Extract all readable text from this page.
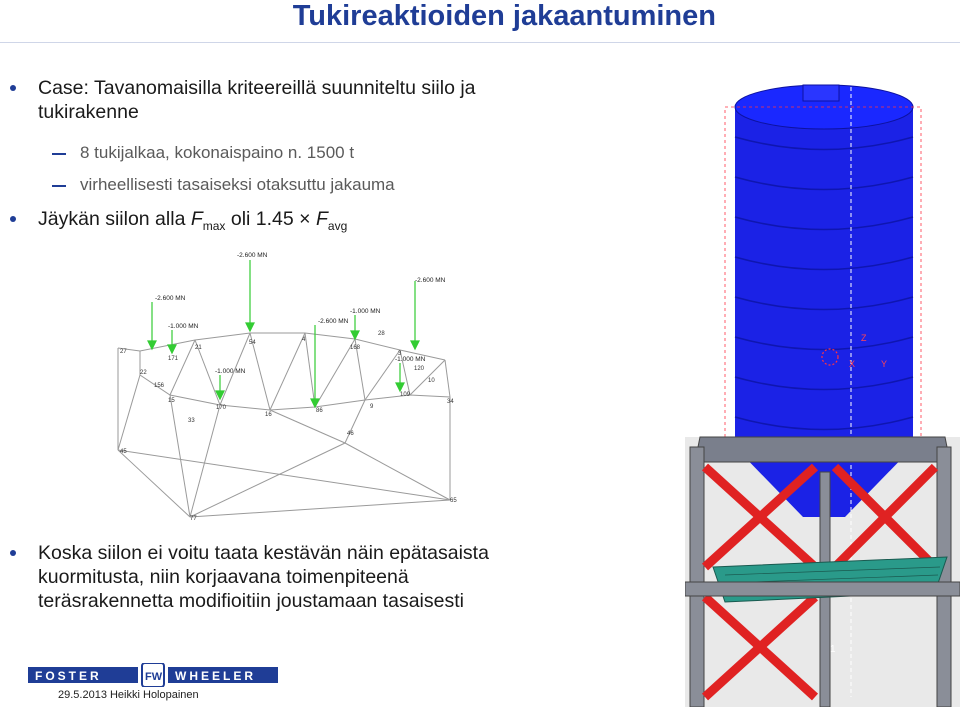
Tukireaktioiden jakaantuminen
Case: Tavanomaisilla kriteereillä suunniteltu siilo ja
tukirakenne
8 tukijalkaa, kokonaispaino n. 1500 t
virheellisesti tasaiseksi otaksuttu jakauma
Jäykän siilon alla $F_{max}$ oli $1.45 \times F_{avg}$
-2.600 MN
-2.600 MN
-1.000 MN
-2.600 MN
-1.000 MN
-2.600 MN
-1.000 MN
-1.000 MN
27
171
21
54	4
168
28
3
120
22
156
15
170
16
86
9
109
10
34
33
46
45
65
77
Z
X	Y
1
FOSTER	FW WHEELER
Koska siilon ei voitu taata kestävän näin epätasaista
kuormitusta, niin korjaavana toimenpiteenä
teräsrakennetta modifioitiin joustamaan tasaisesti
29.5.2013 Heikki Holopainen
